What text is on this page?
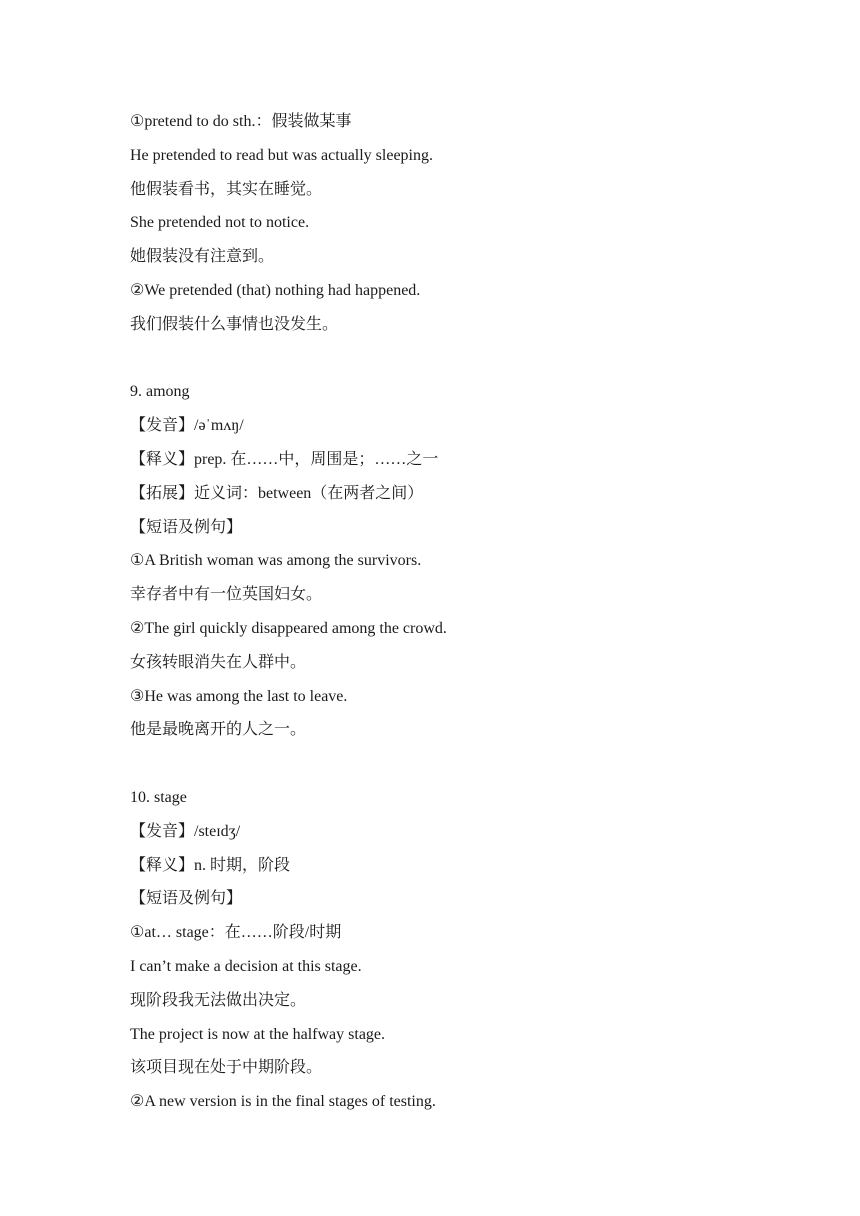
①pretend to do sth.：假装做某事
He pretended to read but was actually sleeping.
他假装看书，其实在睡觉。
She pretended not to notice.
她假装没有注意到。
②We pretended (that) nothing had happened.
我们假装什么事情也没发生。
9. among
【发音】/əˈmʌŋ/
【释义】prep. 在……中，周围是；……之一
【拓展】近义词：between（在两者之间）
【短语及例句】
①A British woman was among the survivors.
幸存者中有一位英国妇女。
②The girl quickly disappeared among the crowd.
女孩转眼消失在人群中。
③He was among the last to leave.
他是最晚离开的人之一。
10. stage
【发音】/steɪdʒ/
【释义】n. 时期，阶段
【短语及例句】
①at… stage：在……阶段/时期
I can’t make a decision at this stage.
现阶段我无法做出决定。
The project is now at the halfway stage.
该项目现在处于中期阶段。
②A new version is in the final stages of testing.
